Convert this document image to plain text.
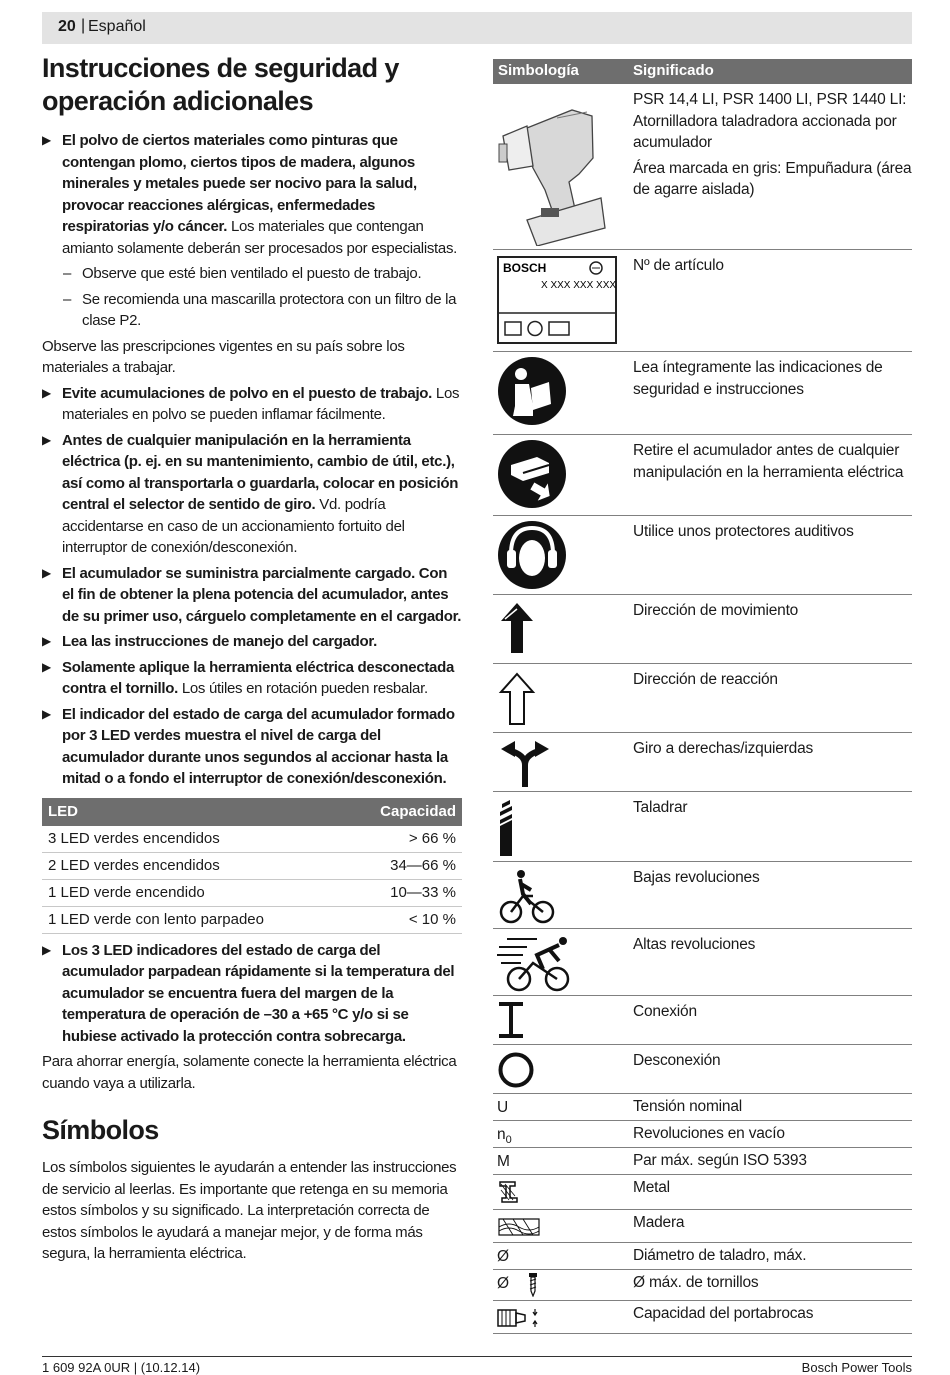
20 | Español
Instrucciones de seguridad y operación adicionales

▶ El polvo de ciertos materiales como pinturas que contengan plomo, ciertos tipos de madera, algunos minerales y metales puede ser nocivo para la salud, provocar reacciones alérgicas, enfermedades respiratorias y/o cáncer. Los materiales que contengan amianto solamente deberán ser procesados por especialistas.

– Observe que esté bien ventilado el puesto de trabajo.

– Se recomienda una mascarilla protectora con un filtro de la clase P2.

Observe las prescripciones vigentes en su país sobre los materiales a trabajar.

▶ Evite acumulaciones de polvo en el puesto de trabajo. Los materiales en polvo se pueden inflamar fácilmente.

▶ Antes de cualquier manipulación en la herramienta eléctrica (p. ej. en su mantenimiento, cambio de útil, etc.), así como al transportarla o guardarla, colocar en posición central el selector de sentido de giro. Vd. podría accidentarse en caso de un accionamiento fortuito del interruptor de conexión/desconexión.

▶ El acumulador se suministra parcialmente cargado. Con el fin de obtener la plena potencia del acumulador, antes de su primer uso, cárguelo completamente en el cargador.

▶ Lea las instrucciones de manejo del cargador.

▶ Solamente aplique la herramienta eléctrica desconectada contra el tornillo. Los útiles en rotación pueden resbalar.

▶ El indicador del estado de carga del acumulador formado por 3 LED verdes muestra el nivel de carga del acumulador durante unos segundos al accionar hasta la mitad o a fondo el interruptor de conexión/desconexión.

LED	Capacidad
3 LED verdes encendidos	> 66 %
2 LED verdes encendidos	34—66 %
1 LED verde encendido	10—33 %
1 LED verde con lento parpadeo	< 10 %

▶ Los 3 LED indicadores del estado de carga del acumulador parpadean rápidamente si la temperatura del acumulador se encuentra fuera del margen de la temperatura de operación de –30 a +65 °C y/o si se hubiese activado la protección contra sobrecarga.

Para ahorrar energía, solamente conecte la herramienta eléctrica cuando vaya a utilizarla.

Símbolos

Los símbolos siguientes le ayudarán a entender las instrucciones de servicio al leerlas. Es importante que retenga en su memoria estos símbolos y su significado. La interpretación correcta de estos símbolos le ayudará a manejar mejor, y de forma más segura, la herramienta eléctrica.

Simbología	Significado
PSR 14,4 LI, PSR 1400 LI, PSR 1440 LI: Atornilladora taladradora accionada por acumulador
Área marcada en gris: Empuñadura (área de agarre aislada)
BOSCH
X XXX XXX XXX
Nº de artículo
Lea íntegramente las indicaciones de seguridad e instrucciones
Retire el acumulador antes de cualquier manipulación en la herramienta eléctrica
Utilice unos protectores auditivos
Dirección de movimiento
Dirección de reacción
Giro a derechas/izquierdas
Taladrar
Bajas revoluciones
Altas revoluciones
Conexión
Desconexión
U	Tensión nominal
$n_0$	Revoluciones en vacío
M	Par máx. según ISO 5393
Metal
Madera
Ø	Diámetro de taladro, máx.
Ø	Ø máx. de tornillos
Capacidad del portabrocas
1 609 92A 0UR | (10.12.14)	Bosch Power Tools
